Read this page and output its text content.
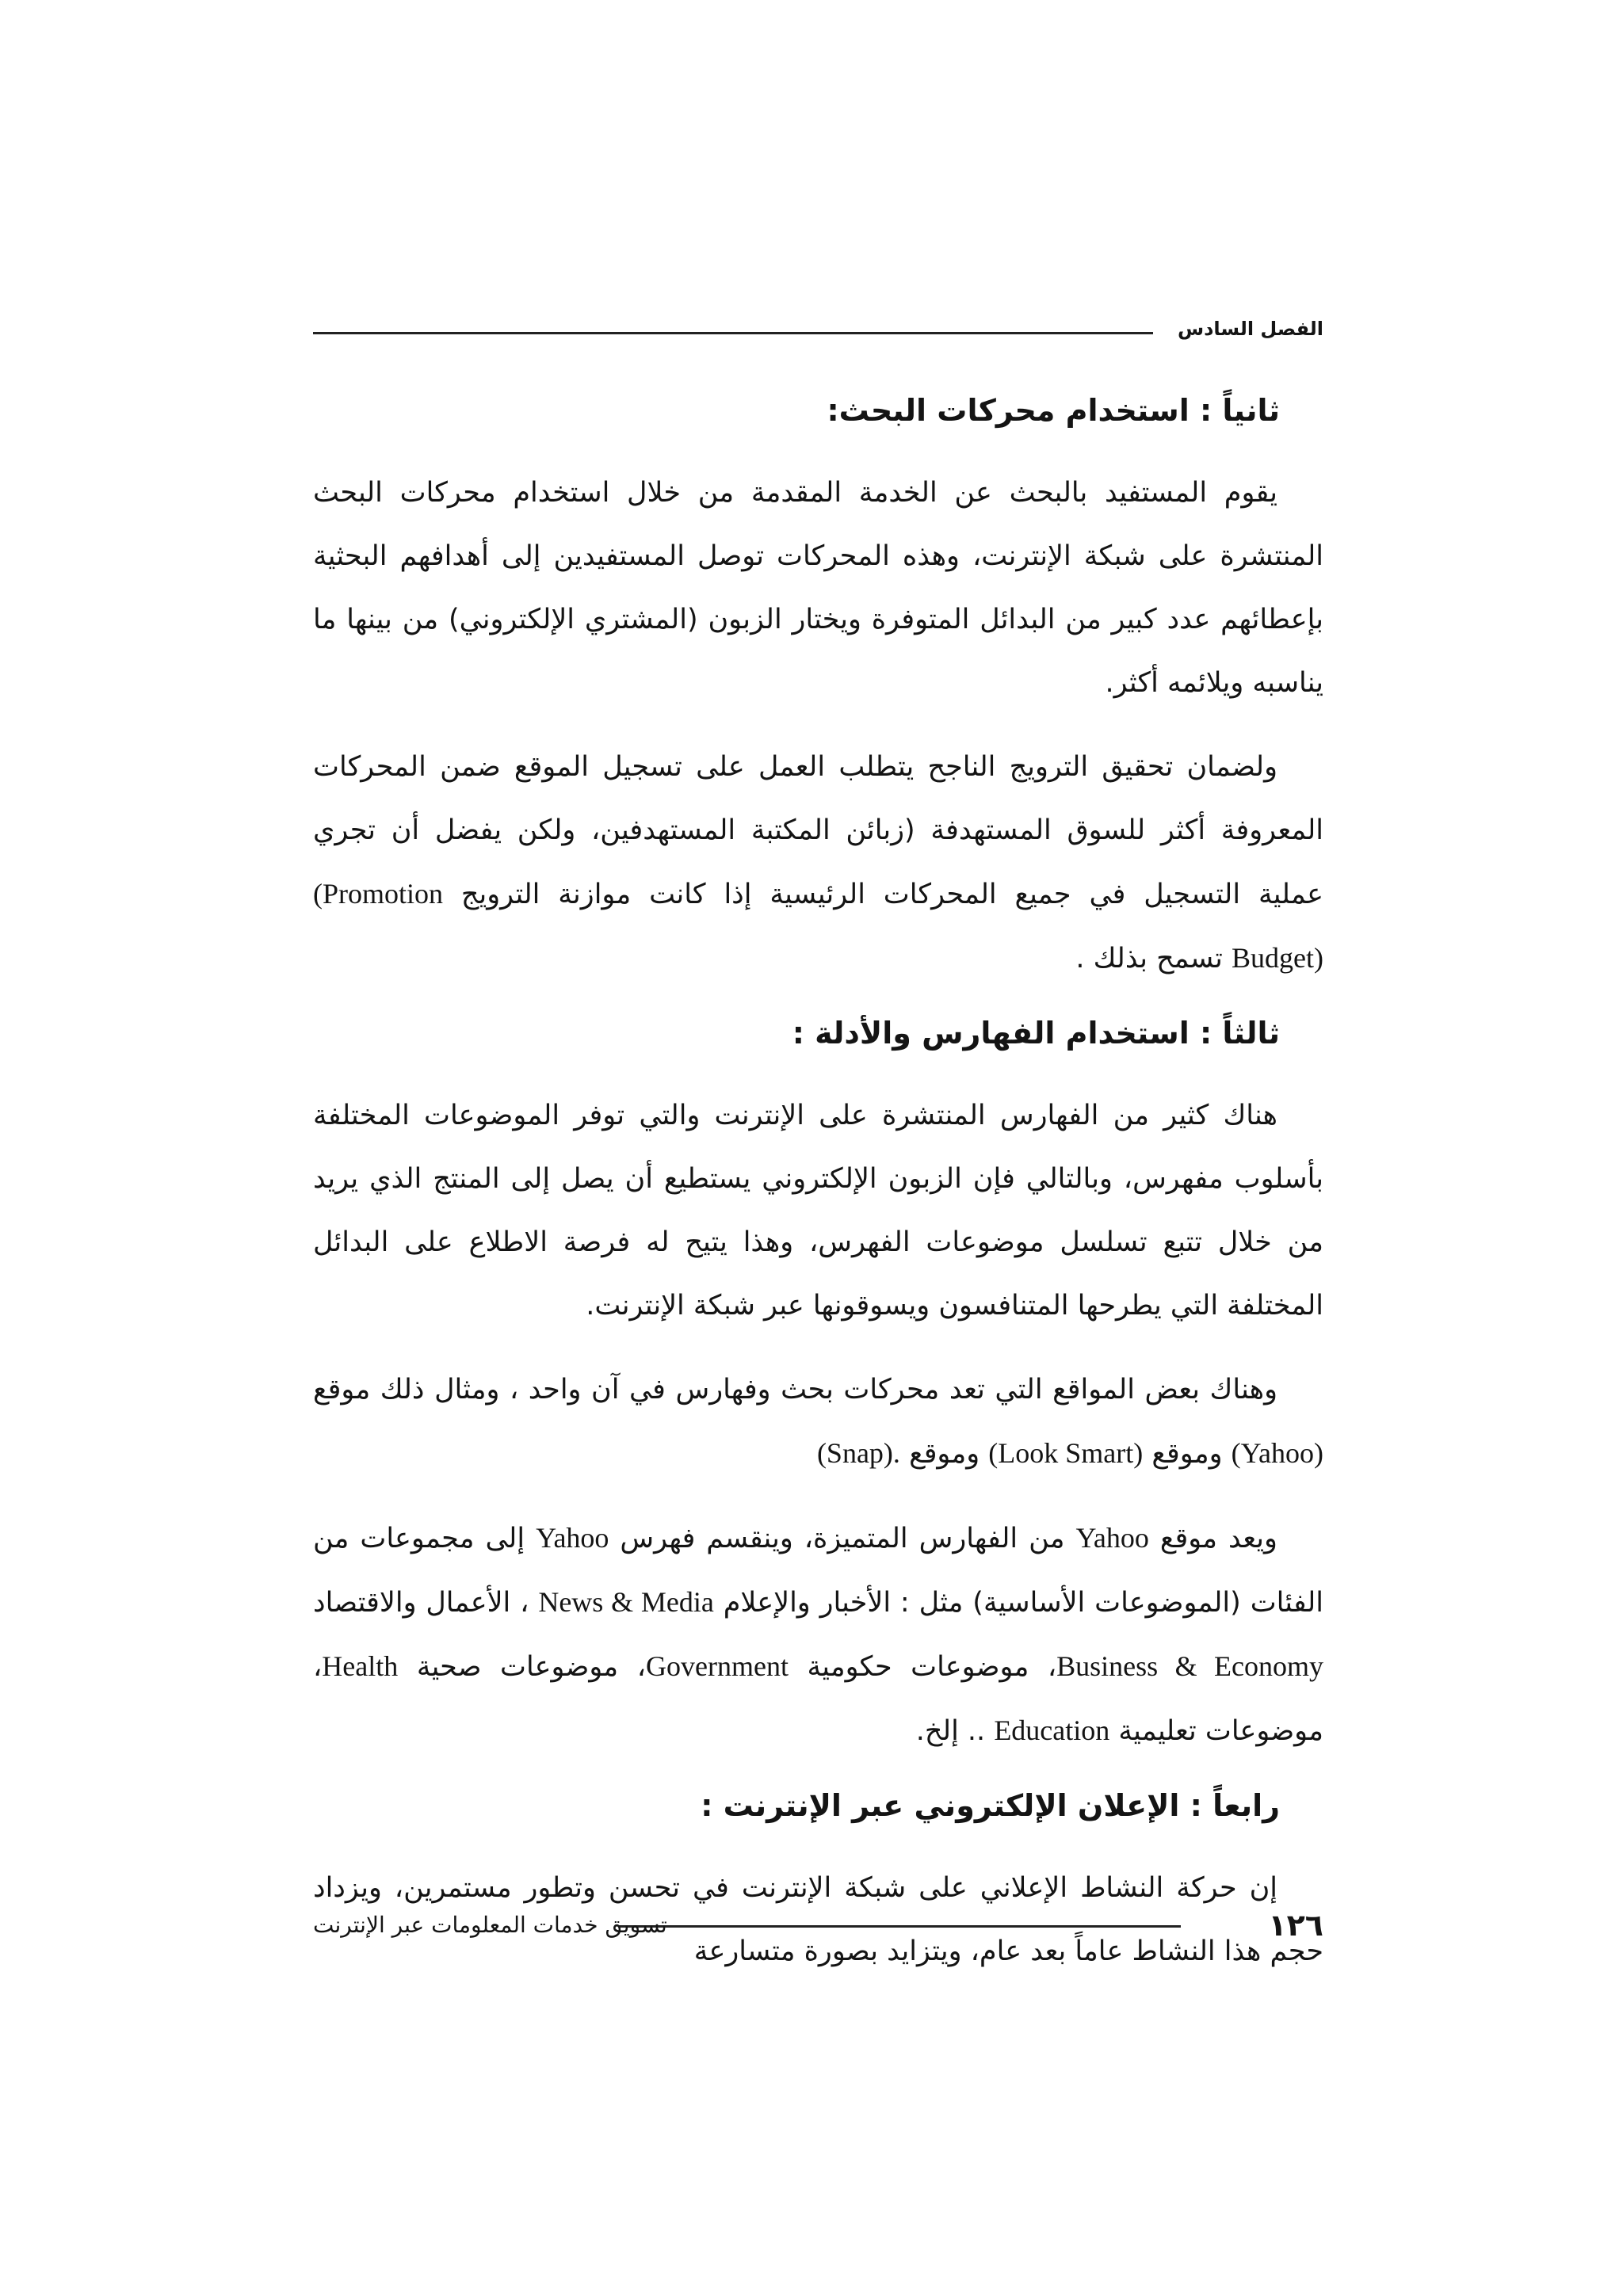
الفصل السادس
ثانياً : استخدام محركات البحث:

يقوم المستفيد بالبحث عن الخدمة المقدمة من خلال استخدام محركات البحث المنتشرة على شبكة الإنترنت، وهذه المحركات توصل المستفيدين إلى أهدافهم البحثية بإعطائهم عدد كبير من البدائل المتوفرة ويختار الزبون (المشتري الإلكتروني) من بينها ما يناسبه ويلائمه أكثر.

ولضمان تحقيق الترويج الناجح يتطلب العمل على تسجيل الموقع ضمن المحركات المعروفة أكثر للسوق المستهدفة (زبائن المكتبة المستهدفين، ولكن يفضل أن تجري عملية التسجيل في جميع المحركات الرئيسية إذا كانت موازنة الترويج (Promotion Budget) تسمح بذلك .

ثالثاً : استخدام الفهارس والأدلة :

هناك كثير من الفهارس المنتشرة على الإنترنت والتي توفر الموضوعات المختلفة بأسلوب مفهرس، وبالتالي فإن الزبون الإلكتروني يستطيع أن يصل إلى المنتج الذي يريد من خلال تتبع تسلسل موضوعات الفهرس، وهذا يتيح له فرصة الاطلاع على البدائل المختلفة التي يطرحها المتنافسون ويسوقونها عبر شبكة الإنترنت.

وهناك بعض المواقع التي تعد محركات بحث وفهارس في آن واحد ، ومثال ذلك موقع (Yahoo) وموقع (Look Smart) وموقع (Snap).

ويعد موقع Yahoo من الفهارس المتميزة، وينقسم فهرس Yahoo إلى مجموعات من الفئات (الموضوعات الأساسية) مثل : الأخبار والإعلام News & Media ، الأعمال والاقتصاد Business & Economy، موضوعات حكومية Government، موضوعات صحية Health، موضوعات تعليمية Education .. إلخ.

رابعاً : الإعلان الإلكتروني عبر الإنترنت :

إن حركة النشاط الإعلاني على شبكة الإنترنت في تحسن وتطور مستمرين، ويزداد حجم هذا النشاط عاماً بعد عام، ويتزايد بصورة متسارعة

١٢٦
تسويق خدمات المعلومات عبر الإنترنت
